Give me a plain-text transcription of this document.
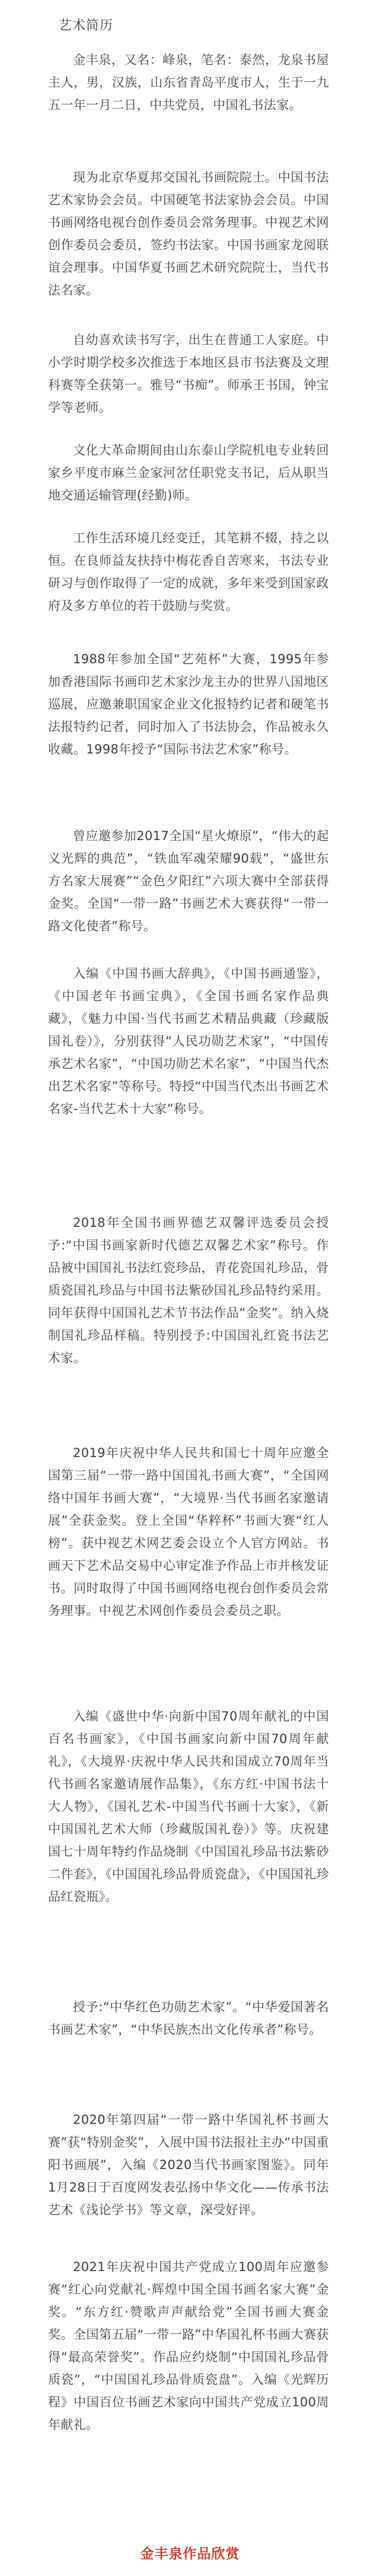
艺术简历

金丰泉，又名：峰泉，笔名：泰然，龙泉书屋主人，男，汉族，山东省青岛平度市人，生于一九五一年一月二日，中共党员，中国礼书法家。

现为北京华夏邦交国礼书画院院士。中国书法艺术家协会会员。中国硬笔书法家协会会员。中国书画网络电视台创作委员会常务理事。中视艺术网创作委员会委员，签约书法家。中国书画家龙阅联谊会理事。中国华夏书画艺术研究院院士，当代书法名家。

自幼喜欢读书写字，出生在普通工人家庭。中小学时期学校多次推选于本地区县市书法赛及文理科赛等全获第一。雅号“书痴”。师承王书国，钟宝学等老师。

文化大革命期间由山东泰山学院机电专业转回家乡平度市麻兰金家河岔任职党支书记，后从职当地交通运输管理(经勤)师。

工作生活环境几经变迁，其笔耕不辍，持之以恒。在良师益友扶持中梅花香自苦寒来，书法专业研习与创作取得了一定的成就，多年来受到国家政府及多方单位的若干鼓励与奖赏。

1988年参加全国“艺苑杯”大赛，1995年参加香港国际书画印艺术家沙龙主办的世界八国地区巡展，应邀兼职国家企业文化报特约记者和硬笔书法报特约记者，同时加入了书法协会，作品被永久收藏。1998年授予“国际书法艺术家”称号。

曾应邀参加2017全国“星火燎原”，“伟大的起义光辉的典范”，“铁血军魂荣耀90载”，“盛世东方名家大展赛”“金色夕阳红”六项大赛中全部获得金奖。全国“一带一路”书画艺术大赛获得“一带一路文化使者”称号。

入编《中国书画大辞典》，《中国书画通鉴》，《中国老年书画宝典》，《全国书画名家作品典藏》，《魅力中国·当代书画艺术精品典藏（珍藏版国礼卷）》，分别获得“人民功勋艺术家”，“中国传承艺术名家”，“中国功勋艺术名家”，“中国当代杰出艺术名家”等称号。特授“中国当代杰出书画艺术名家-当代艺术十大家”称号。

2018年全国书画界德艺双馨评选委员会授予:“中国书画家新时代德艺双馨艺术家”称号。作品被中国国礼书法红瓷珍品，青花瓷国礼珍品，骨质瓷国礼珍品与中国书法紫砂国礼珍品特约采用。同年获得中国国礼艺术节书法作品“金奖”。纳入烧制国礼珍品样稿。特别授予:中国国礼红瓷书法艺术家。

2019年庆祝中华人民共和国七十周年应邀全国第三届“一带一路中国国礼书画大赛”，“全国网络中国年书画大赛”，“大境界·当代书画名家邀请展”全获金奖。登上全国“华粹杯”书画大赛“红人榜”。获中视艺术网艺委会设立个人官方网站。书画天下艺术品交易中心审定准予作品上市并核发证书。同时取得了中国书画网络电视台创作委员会常务理事。中视艺术网创作委员会委员之职。

入编《盛世中华·向新中国70周年献礼的中国百名书画家》，《中国书画家向新中国70周年献礼》，《大境界·庆祝中华人民共和国成立70周年当代书画名家邀请展作品集》，《东方红·中国书法十大人物》，《国礼艺术-中国当代书画十大家》，《新中国国礼艺术大师（珍藏版国礼卷）》等。庆祝建国七十周年特约作品烧制《中国国礼珍品书法紫砂二件套》，《中国国礼珍品骨质瓷盘》，《中国国礼珍品红瓷瓶》。

授予:“中华红色功勋艺术家”。“中华爱国著名书画艺术家”，“中华民族杰出文化传承者”称号。

2020年第四届“一带一路中华国礼杯书画大赛”获“特别金奖”，入展中国书法报社主办“中国重阳书画展”，入编《2020当代书画家图鉴》。同年1月28日于百度网发表弘扬中华文化——传承书法艺术《浅论学书》等文章，深受好评。

2021年庆祝中国共产党成立100周年应邀参赛“红心向党献礼·辉煌中国全国书画名家大赛”金奖。“东方红·赞歌声声献给党”全国书画大赛金奖。全国第五届“一带一路”中华国礼杯书画大赛获得“最高荣誉奖”。作品应约烧制“中国国礼珍品骨质瓷”，“中国国礼珍品骨质瓷盘”。入编《光辉历程》中国百位书画艺术家向中国共产党成立100周年献礼。

金丰泉作品欣赏
